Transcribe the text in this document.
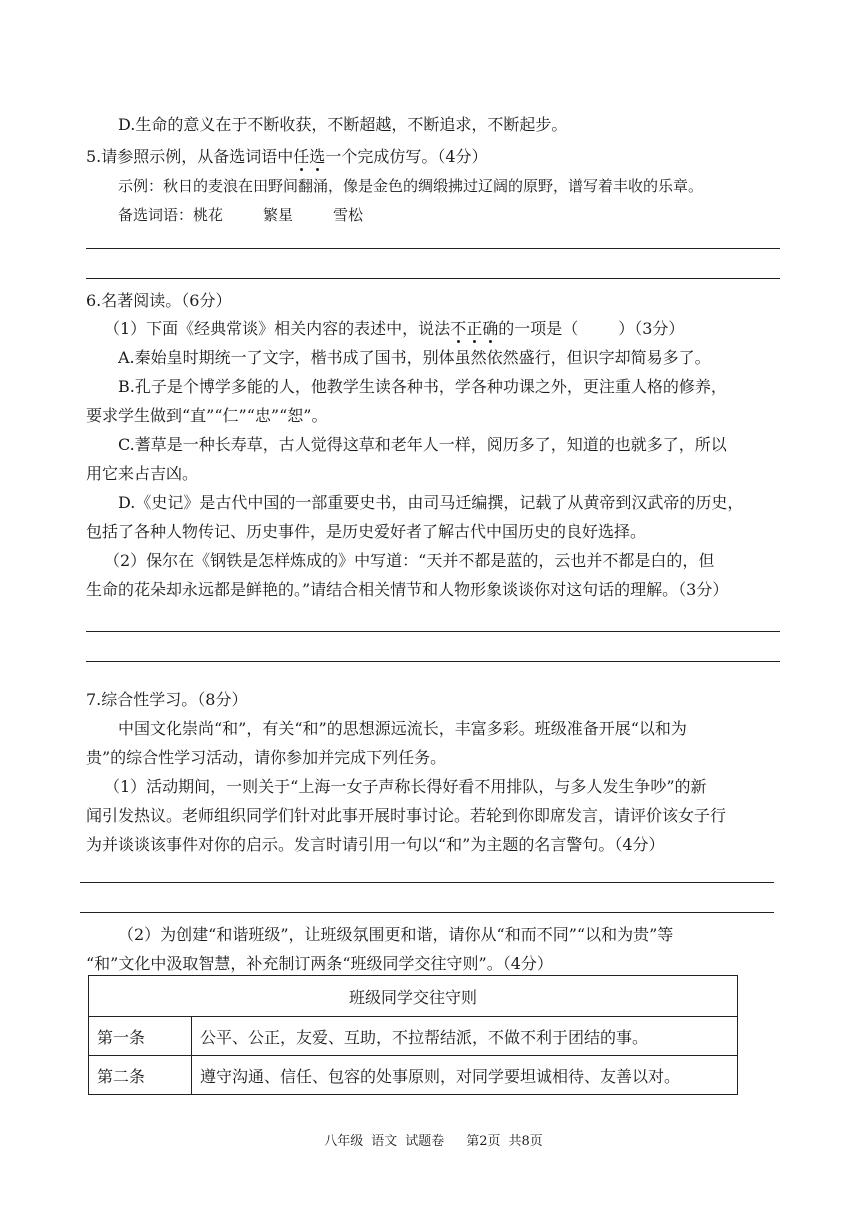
D.生命的意义在于不断收获，不断超越，不断追求，不断起步。
5.请参照示例，从备选词语中任选一个完成仿写。（4分）
示例：秋日的麦浪在田野间翻涌，像是金色的绸缎拂过辽阔的原野，谱写着丰收的乐章。
备选词语：桃花	繁星	雪松
6.名著阅读。（6分）
（1）下面《经典常谈》相关内容的表述中，说法不正确的一项是（	）（3分）
A.秦始皇时期统一了文字，楷书成了国书，别体虽然依然盛行，但识字却简易多了。
B.孔子是个博学多能的人，他教学生读各种书，学各种功课之外，更注重人格的修养，
要求学生做到“直”“仁”“忠”“恕”。
C.蓍草是一种长寿草，古人觉得这草和老年人一样，阅历多了，知道的也就多了，所以
用它来占吉凶。
D.《史记》是古代中国的一部重要史书，由司马迁编撰，记载了从黄帝到汉武帝的历史，
包括了各种人物传记、历史事件，是历史爱好者了解古代中国历史的良好选择。
（2）保尔在《钢铁是怎样炼成的》中写道：“天并不都是蓝的，云也并不都是白的，但
生命的花朵却永远都是鲜艳的。”请结合相关情节和人物形象谈谈你对这句话的理解。（3分）
7.综合性学习。（8分）
中国文化崇尚“和”，有关“和”的思想源远流长，丰富多彩。班级准备开展“以和为
贵”的综合性学习活动，请你参加并完成下列任务。
（1）活动期间，一则关于“上海一女子声称长得好看不用排队，与多人发生争吵”的新
闻引发热议。老师组织同学们针对此事开展时事讨论。若轮到你即席发言，请评价该女子行
为并谈谈该事件对你的启示。发言时请引用一句以“和”为主题的名言警句。（4分）
（2）为创建“和谐班级”，让班级氛围更和谐，请你从“和而不同”“以和为贵”等
“和”文化中汲取智慧，补充制订两条“班级同学交往守则”。（4分）
班级同学交往守则	
第一条	公平、公正，友爱、互助，不拉帮结派，不做不利于团结的事。
第二条	遵守沟通、信任、包容的处事原则，对同学要坦诚相待、友善以对。
八年级 语文 试题卷 第2页 共8页
